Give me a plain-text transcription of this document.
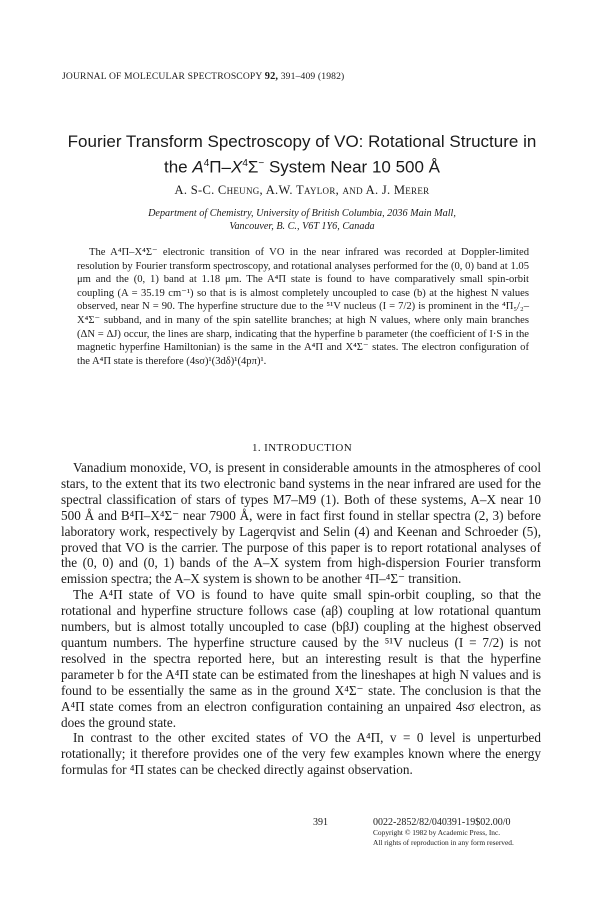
JOURNAL OF MOLECULAR SPECTROSCOPY 92, 391–409 (1982)
Fourier Transform Spectroscopy of VO: Rotational Structure in
the $A^4\Pi-X^4\Sigma^-$ System Near 10 500 Å
A. S-C. Cheung, A.W. Taylor, and A. J. Merer
Department of Chemistry, University of British Columbia, 2036 Main Mall,
Vancouver, B. C., V6T 1Y6, Canada

The A⁴Π–X⁴Σ⁻ electronic transition of VO in the near infrared was recorded at Doppler-limited resolution by Fourier transform spectroscopy, and rotational analyses performed for the (0, 0) band at 1.05 μm and the (0, 1) band at 1.18 μm. The A⁴Π state is found to have comparatively small spin-orbit coupling (A = 35.19 cm⁻¹) so that is is almost completely uncoupled to case (b) at the highest N values observed, near N = 90. The hyperfine structure due to the ⁵¹V nucleus (I = 7/2) is prominent in the ⁴Π₅/₂–X⁴Σ⁻ subband, and in many of the spin satellite branches; at high N values, where only main branches (ΔN = ΔJ) occur, the lines are sharp, indicating that the hyperfine b parameter (the coefficient of I·S in the magnetic hyperfine Hamiltonian) is the same in the A⁴Π and X⁴Σ⁻ states. The electron configuration of the A⁴Π state is therefore (4sσ)¹(3dδ)¹(4pπ)¹.

1. INTRODUCTION

Vanadium monoxide, VO, is present in considerable amounts in the atmospheres of cool stars, to the extent that its two electronic band systems in the near infrared are used for the spectral classification of stars of types M7–M9 (1). Both of these systems, A–X near 10 500 Å and B⁴Π–X⁴Σ⁻ near 7900 Å, were in fact first found in stellar spectra (2, 3) before laboratory work, respectively by Lagerqvist and Selin (4) and Keenan and Schroeder (5), proved that VO is the carrier. The purpose of this paper is to report rotational analyses of the (0, 0) and (0, 1) bands of the A–X system from high-dispersion Fourier transform emission spectra; the A–X system is shown to be another ⁴Π–⁴Σ⁻ transition.

The A⁴Π state of VO is found to have quite small spin-orbit coupling, so that the rotational and hyperfine structure follows case (aβ) coupling at low rotational quantum numbers, but is almost totally uncoupled to case (bβJ) coupling at the highest observed quantum numbers. The hyperfine structure caused by the ⁵¹V nucleus (I = 7/2) is not resolved in the spectra reported here, but an interesting result is that the hyperfine parameter b for the A⁴Π state can be estimated from the lineshapes at high N values and is found to be essentially the same as in the ground X⁴Σ⁻ state. The conclusion is that the A⁴Π state comes from an electron configuration containing an unpaired 4sσ electron, as does the ground state.

In contrast to the other excited states of VO the A⁴Π, v = 0 level is unperturbed rotationally; it therefore provides one of the very few examples known where the energy formulas for ⁴Π states can be checked directly against observation.

391	0022-2852/82/040391-19$02.00/0
Copyright © 1982 by Academic Press, Inc.
All rights of reproduction in any form reserved.
